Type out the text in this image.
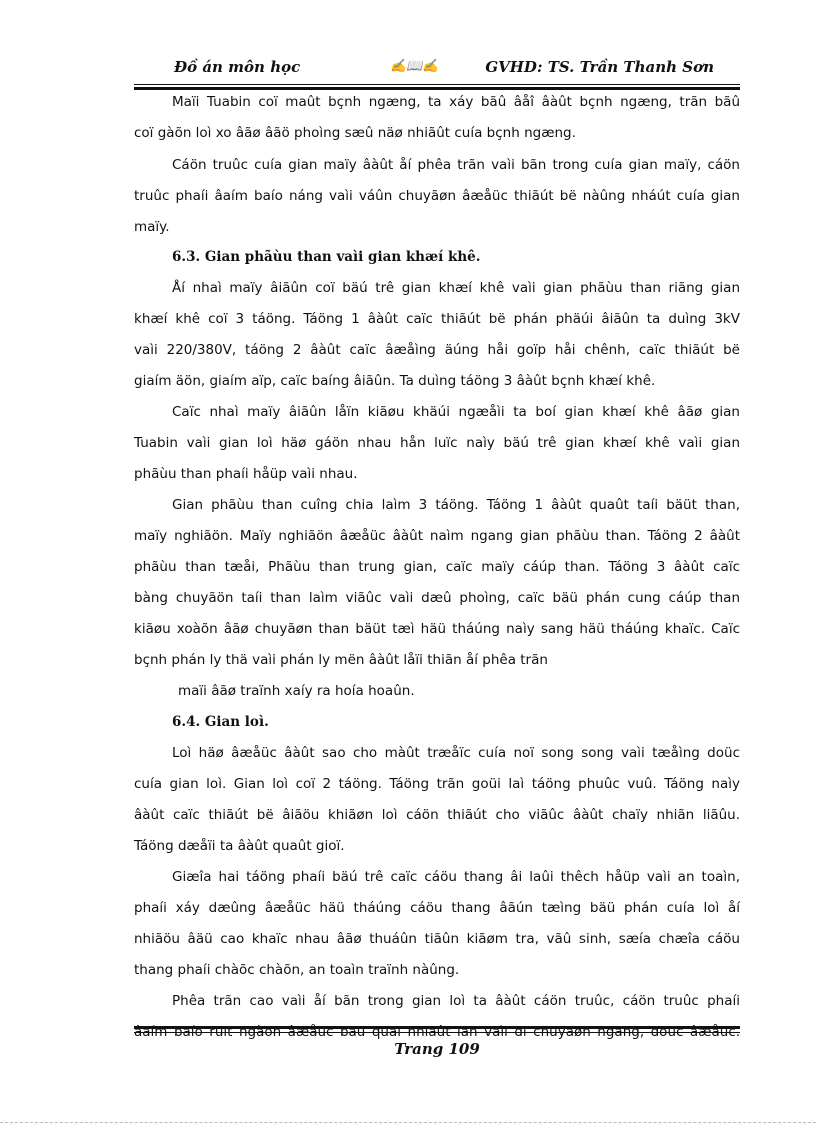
Đồ án môn học	✍📖✍	GVHD: TS. Trần Thanh Sơn
Maïi Tuabin coï maût bçnh ngæng, ta xáy bãû âåî âàût bçnh ngæng, trãn bãû
coï gàõn loì xo âãø âãö phoìng sæû näø nhiãût cuía bçnh ngæng.
Cáön truûc cuía gian maïy âàût åí phêa trãn vaìi bãn trong cuía gian maïy, cáön
truûc phaíi âaím baío náng vaìi váûn chuyãøn âæåüc thiãút bë nàûng nháút cuía gian
maïy.
6.3. Gian phãùu than vaìi gian khæí khê.
Åí nhaì maïy âiãûn coï bäú trê gian khæí khê vaìi gian phãùu than riãng gian
khæí khê coï 3 táöng. Táöng 1 âàût caïc thiãút bë phán phäúi âiãûn ta duìng 3kV
vaìi 220/380V, táöng 2 âàût caïc âæåìng äúng håi goïp håi chênh, caïc thiãút bë
giaím äön, giaím aïp, caïc baíng âiãûn. Ta duìng táöng 3 âàût bçnh khæí khê.
Caïc nhaì maïy âiãûn låïn kiãøu khäúi ngæåìi ta boí gian khæí khê âãø gian
Tuabin vaìi gian loì häø gáön nhau hån luïc naìy bäú trê gian khæí khê vaìi gian
phãùu than phaíi håüp vaìi nhau.
Gian phãùu than cuîng chia laìm 3 táöng. Táöng 1 âàût quaût taíi bäüt than,
maïy nghiãön. Maïy nghiãön âæåüc âàût naìm ngang gian phãùu than. Táöng 2 âàût
phãùu than tæåi, Phãùu than trung gian, caïc maïy cáúp than. Táöng 3 âàût caïc
bàng chuyãön taíi than laìm viãûc vaìi dæû phoìng, caïc bäü phán cung cáúp than
kiãøu xoàõn âãø chuyãøn than bäüt tæì häü tháúng naìy sang häü tháúng khaïc. Caïc
bçnh phán ly thä vaìi phán ly mën âàût låïi thiãn åí phêa trãn
maïi âãø traïnh xaíy ra hoía hoaûn.
6.4. Gian loì.
Loì häø âæåüc âàût sao cho màût træåïc cuía noï song song vaìi tæåìng doüc
cuía gian loì. Gian loì coï 2 táöng. Táöng trãn goüi laì táöng phuûc vuû. Táöng naìy
âàût caïc thiãút bë âiãöu khiãøn loì cáön thiãút cho viãûc âàût chaïy nhiãn liãûu.
Táöng dæåïi ta âàût quaût gioï.
Giæîa hai táöng phaíi bäú trê caïc cáöu thang âi laûi thêch håüp vaìi an toaìn,
phaíi xáy dæûng âæåüc häü tháúng cáöu thang âãún tæìng bäü phán cuía loì åí
nhiãöu âäü cao khaïc nhau âãø thuáûn tiãûn kiãøm tra, vãû sinh, sæía chæîa cáöu
thang phaíi chàõc chàõn, an toaìn traïnh nàûng.
Phêa trãn cao vaìi åí bãn trong gian loì ta âàût cáön truûc, cáön truûc phaíi
âaím baío ruït ngàõn âæåüc bäü quaï nhiãût lãn vaìi di chuyãøn ngang, doüc âæåüc.
Trang 109
